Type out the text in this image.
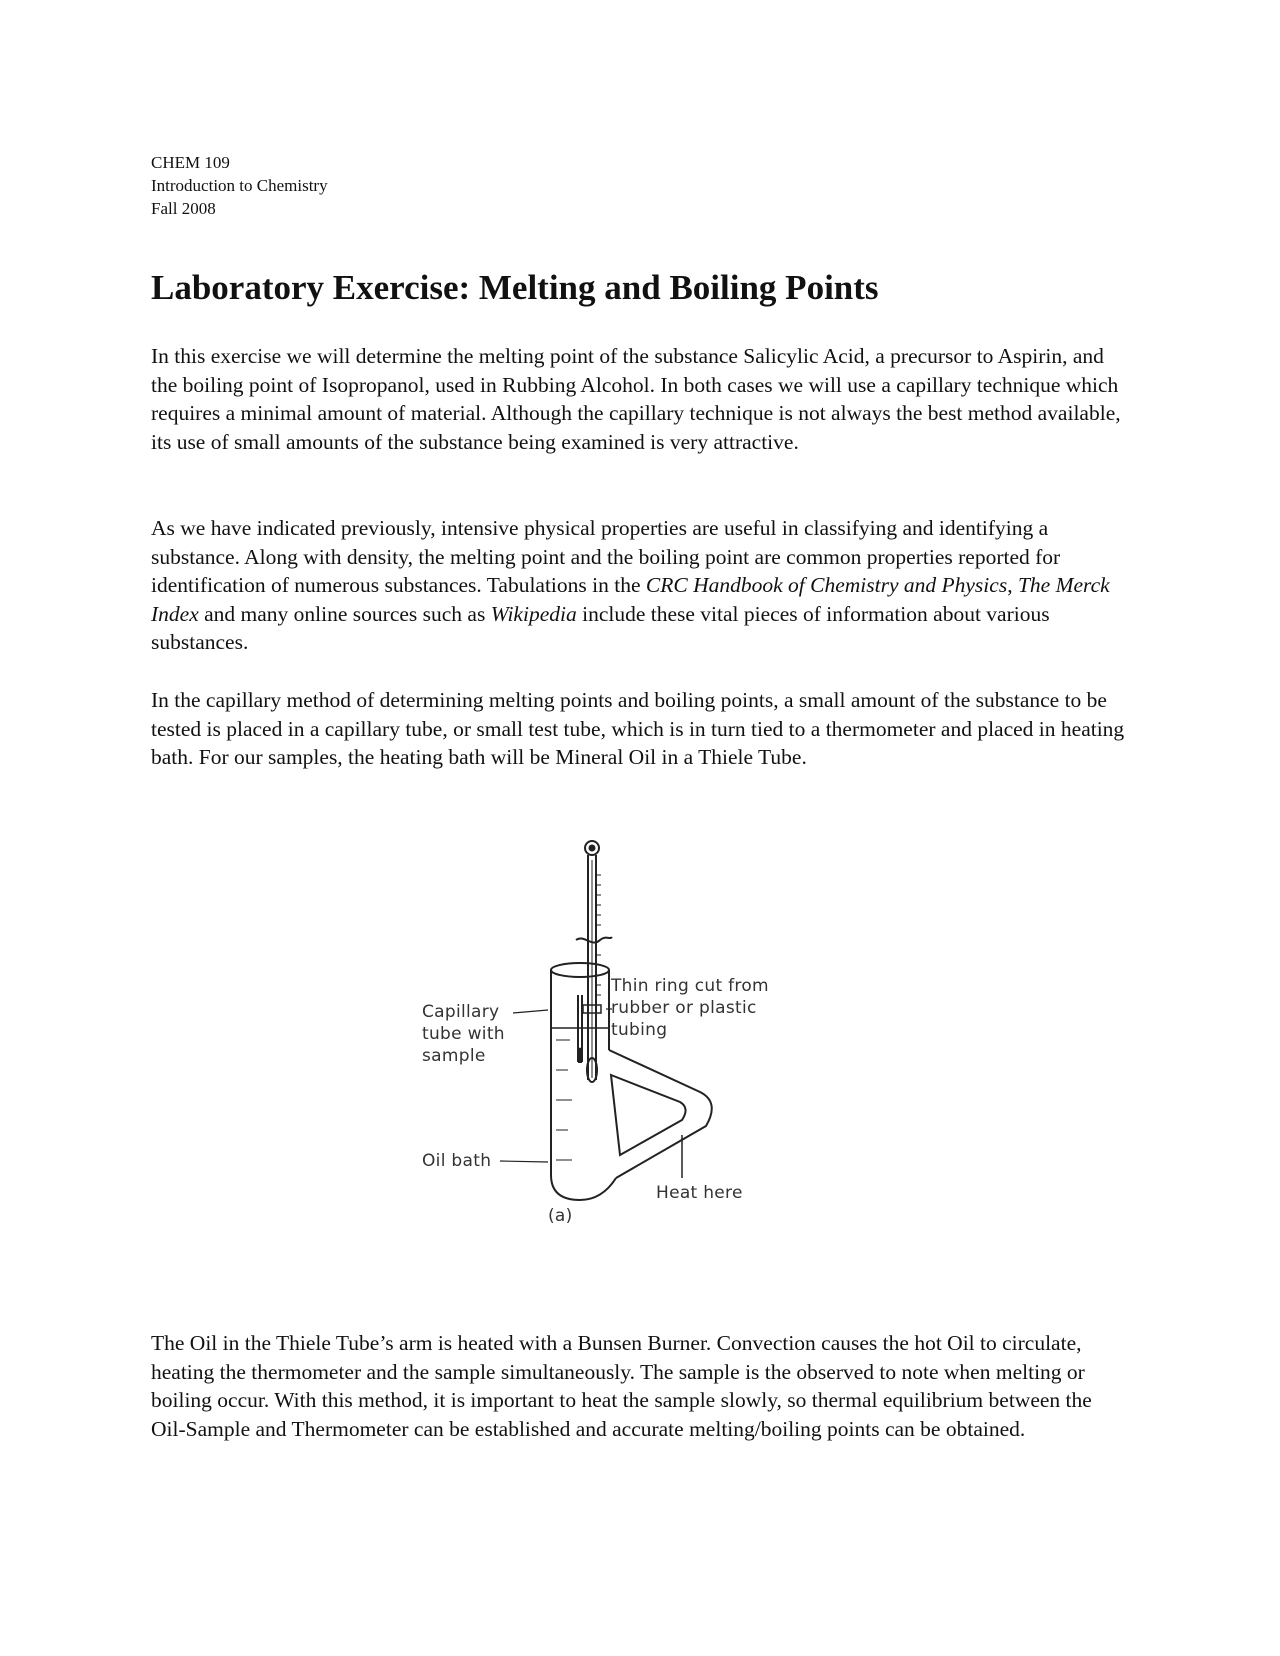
CHEM 109
Introduction to Chemistry
Fall 2008
Laboratory Exercise: Melting and Boiling Points

In this exercise we will determine the melting point of the substance Salicylic Acid, a precursor to Aspirin, and the boiling point of Isopropanol, used in Rubbing Alcohol. In both cases we will use a capillary technique which requires a minimal amount of material. Although the capillary technique is not always the best method available, its use of small amounts of the substance being examined is very attractive.

As we have indicated previously, intensive physical properties are useful in classifying and identifying a substance. Along with density, the melting point and the boiling point are common properties reported for identification of numerous substances. Tabulations in the CRC Handbook of Chemistry and Physics, The Merck Index and many online sources such as Wikipedia include these vital pieces of information about various substances.

In the capillary method of determining melting points and boiling points, a small amount of the substance to be tested is placed in a capillary tube, or small test tube, which is in turn tied to a thermometer and placed in heating bath. For our samples, the heating bath will be Mineral Oil in a Thiele Tube.

Thin ring cut from
rubber or plastic
tubing
Capillary
tube with
sample
Oil bath
Heat here
(a)

The Oil in the Thiele Tube’s arm is heated with a Bunsen Burner. Convection causes the hot Oil to circulate, heating the thermometer and the sample simultaneously. The sample is the observed to note when melting or boiling occur. With this method, it is important to heat the sample slowly, so thermal equilibrium between the Oil-Sample and Thermometer can be established and accurate melting/boiling points can be obtained.
